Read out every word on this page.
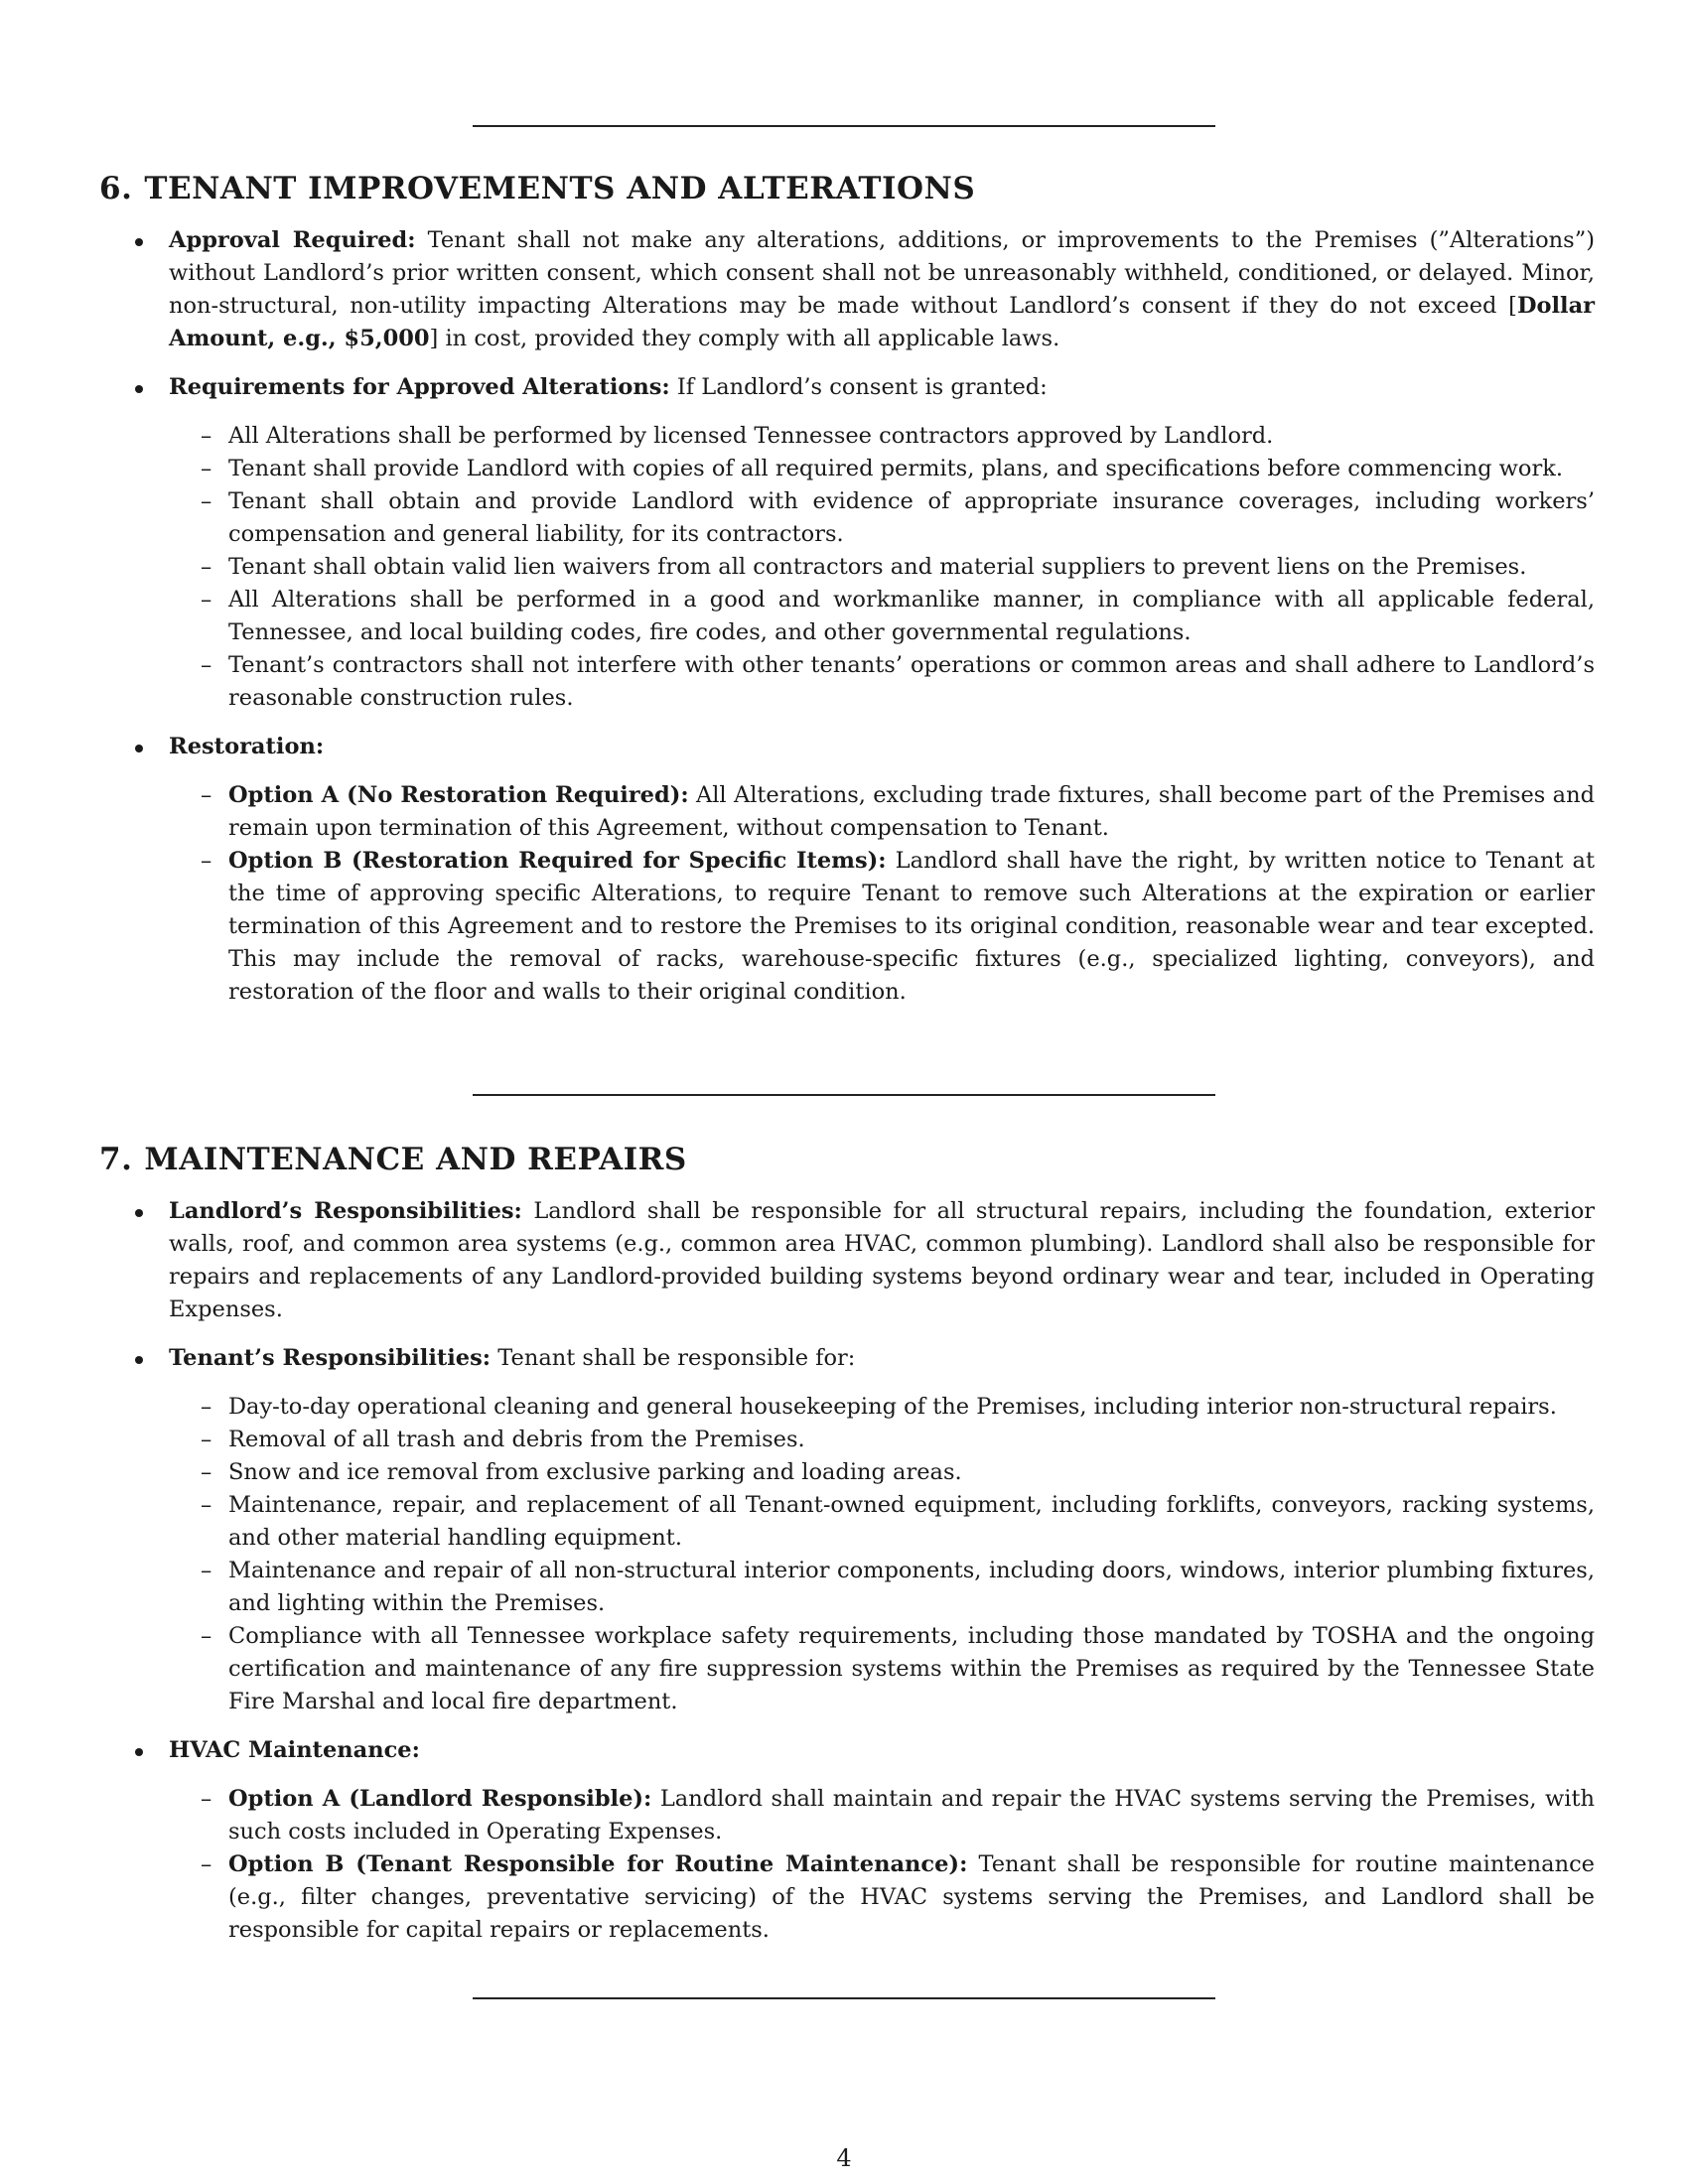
6. TENANT IMPROVEMENTS AND ALTERATIONS
Approval Required: Tenant shall not make any alterations, additions, or improvements to the Premises (”Alterations”) without Landlord’s prior written consent, which consent shall not be unreasonably withheld, conditioned, or delayed. Minor, non-structural, non-utility impacting Alterations may be made without Landlord’s consent if they do not exceed [Dollar Amount, e.g., $5,000] in cost, provided they comply with all applicable laws.
Requirements for Approved Alterations: If Landlord’s consent is granted:
– All Alterations shall be performed by licensed Tennessee contractors approved by Landlord.
– Tenant shall provide Landlord with copies of all required permits, plans, and specifications before commencing work.
– Tenant shall obtain and provide Landlord with evidence of appropriate insurance coverages, including workers’ compensation and general liability, for its contractors.
– Tenant shall obtain valid lien waivers from all contractors and material suppliers to prevent liens on the Premises.
– All Alterations shall be performed in a good and workmanlike manner, in compliance with all applicable federal, Tennessee, and local building codes, fire codes, and other governmental regulations.
– Tenant’s contractors shall not interfere with other tenants’ operations or common areas and shall adhere to Landlord’s reasonable construction rules.
Restoration:
– Option A (No Restoration Required): All Alterations, excluding trade fixtures, shall become part of the Premises and remain upon termination of this Agreement, without compensation to Tenant.
– Option B (Restoration Required for Specific Items): Landlord shall have the right, by written notice to Tenant at the time of approving specific Alterations, to require Tenant to remove such Alterations at the expiration or earlier termination of this Agreement and to restore the Premises to its original condition, reasonable wear and tear excepted. This may include the removal of racks, warehouse-specific fixtures (e.g., specialized lighting, conveyors), and restoration of the floor and walls to their original condition.
7. MAINTENANCE AND REPAIRS
Landlord’s Responsibilities: Landlord shall be responsible for all structural repairs, including the foundation, exterior walls, roof, and common area systems (e.g., common area HVAC, common plumbing). Landlord shall also be responsible for repairs and replacements of any Landlord-provided building systems beyond ordinary wear and tear, included in Operating Expenses.
Tenant’s Responsibilities: Tenant shall be responsible for:
– Day-to-day operational cleaning and general housekeeping of the Premises, including interior non-structural repairs.
– Removal of all trash and debris from the Premises.
– Snow and ice removal from exclusive parking and loading areas.
– Maintenance, repair, and replacement of all Tenant-owned equipment, including forklifts, conveyors, racking systems, and other material handling equipment.
– Maintenance and repair of all non-structural interior components, including doors, windows, interior plumbing fixtures, and lighting within the Premises.
– Compliance with all Tennessee workplace safety requirements, including those mandated by TOSHA and the ongoing certification and maintenance of any fire suppression systems within the Premises as required by the Tennessee State Fire Marshal and local fire department.
HVAC Maintenance:
– Option A (Landlord Responsible): Landlord shall maintain and repair the HVAC systems serving the Premises, with such costs included in Operating Expenses.
– Option B (Tenant Responsible for Routine Maintenance): Tenant shall be responsible for routine maintenance (e.g., filter changes, preventative servicing) of the HVAC systems serving the Premises, and Landlord shall be responsible for capital repairs or replacements.
4
